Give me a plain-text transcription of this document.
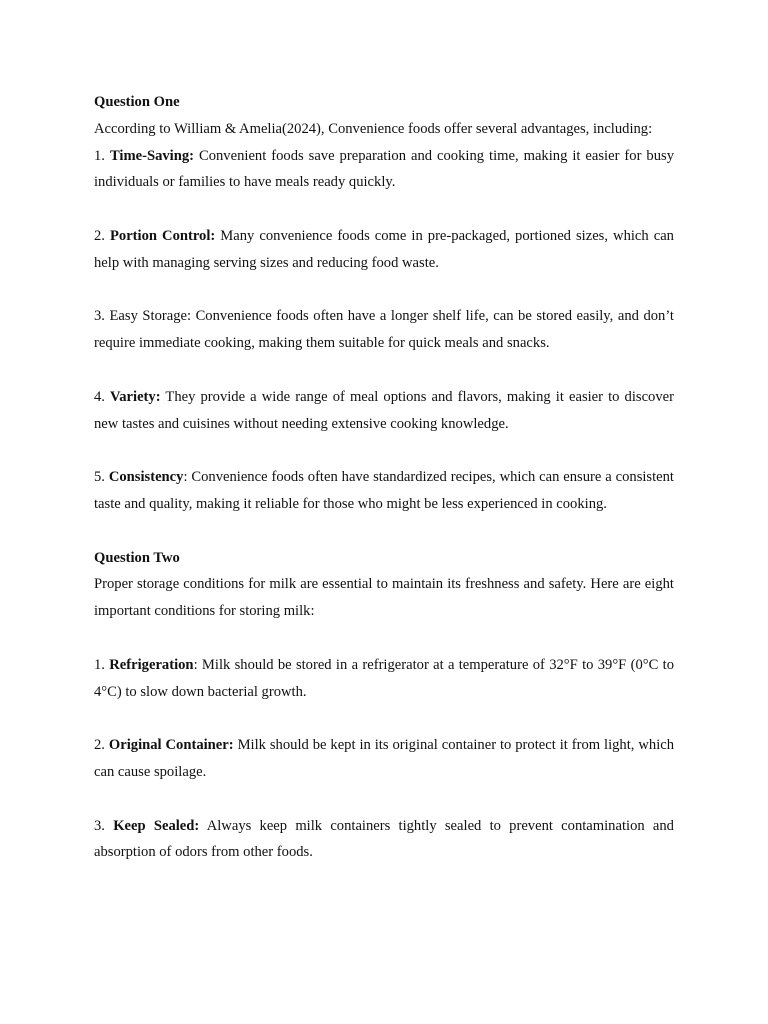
Question One

According to William & Amelia(2024), Convenience foods offer several advantages, including:

1. Time-Saving: Convenient foods save preparation and cooking time, making it easier for busy individuals or families to have meals ready quickly.

2. Portion Control: Many convenience foods come in pre-packaged, portioned sizes, which can help with managing serving sizes and reducing food waste.

3. Easy Storage: Convenience foods often have a longer shelf life, can be stored easily, and don’t require immediate cooking, making them suitable for quick meals and snacks.

4. Variety: They provide a wide range of meal options and flavors, making it easier to discover new tastes and cuisines without needing extensive cooking knowledge.

5. Consistency: Convenience foods often have standardized recipes, which can ensure a consistent taste and quality, making it reliable for those who might be less experienced in cooking.

Question Two

Proper storage conditions for milk are essential to maintain its freshness and safety. Here are eight important conditions for storing milk:

1. Refrigeration: Milk should be stored in a refrigerator at a temperature of 32°F to 39°F (0°C to 4°C) to slow down bacterial growth.

2. Original Container: Milk should be kept in its original container to protect it from light, which can cause spoilage.

3. Keep Sealed: Always keep milk containers tightly sealed to prevent contamination and absorption of odors from other foods.
